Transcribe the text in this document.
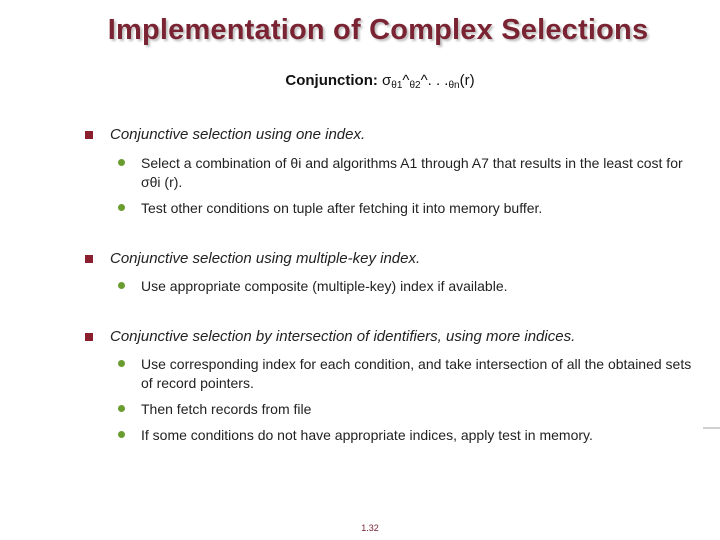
Implementation of Complex Selections
Conjunction: $\sigma_{\theta 1}\^{}_{\theta 2}\^{}$. . $._{\theta n}(r)$
Conjunctive selection using one index.
Select a combination of θi and algorithms A1 through A7 that results in the least cost for σθi (r).
Test other conditions on tuple after fetching it into memory buffer.
Conjunctive selection using multiple-key index.
Use appropriate composite (multiple-key) index if available.
Conjunctive selection by intersection of identifiers, using more indices.
Use corresponding index for each condition, and take intersection of all the obtained sets of record pointers.
Then fetch records from file
If some conditions do not have appropriate indices, apply test in memory.
1.32
